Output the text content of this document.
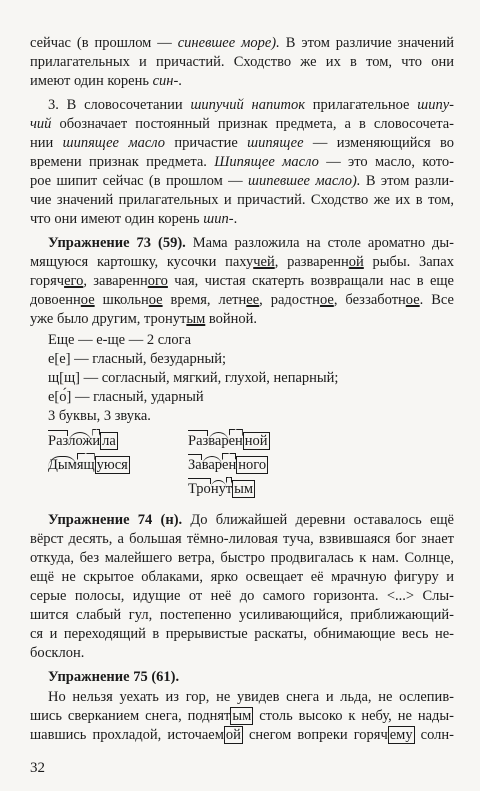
сейчас (в прошлом — синевшее море). В этом различие значений
прилагательных и причастий. Сходство же их в том, что они
имеют один корень син-.
3. В словосочетании шипучий напиток прилагательное шипу-
чий обозначает постоянный признак предмета, а в словосочета-
нии шипящее масло причастие шипящее — изменяющийся во
времени признак предмета. Шипящее масло — это масло, кото-
рое шипит сейчас (в прошлом — шипевшее масло). В этом разли-
чие значений прилагательных и причастий. Сходство же их в том,
что они имеют один корень шип-.
Упражнение 73 (59). Мама разложила на столе ароматно ды-
мящуюся картошку, кусочки пахучей, разваренной рыбы. Запах
горячего, заваренного чая, чистая скатерть возвращали нас в еще
довоенное школьное время, летнее, радостное, беззаботное. Все
уже было другим, тронутым войной.
Еще — е-ще — 2 слога
е[е] — гласный, безударный;
щ[щ] — согласный, мягкий, глухой, непарный;
е[о́] — гласный, ударный
3 буквы, 3 звука.
Разложи ла	Разварен ной
Дымящ уюся	Заварен ного
Тронут ым
Упражнение 74 (н). До ближайшей деревни оставалось ещё
вёрст десять, а большая тёмно-лиловая туча, взвившаяся бог знает
откуда, без малейшего ветра, быстро продвигалась к нам. Солнце,
ещё не скрытое облаками, ярко освещает её мрачную фигуру и
серые полосы, идущие от неё до самого горизонта. <...> Слы-
шится слабый гул, постепенно усиливающийся, приближающий-
ся и переходящий в прерывистые раскаты, обнимающие весь не-
босклон.
Упражнение 75 (61).
Но нельзя уехать из гор, не увидев снега и льда, не ослепив-
шись сверканием снега, поднят ым столь высоко к небу, не нады-
шавшись прохладой, источаем ой снегом вопреки горяч ему солн-
32
